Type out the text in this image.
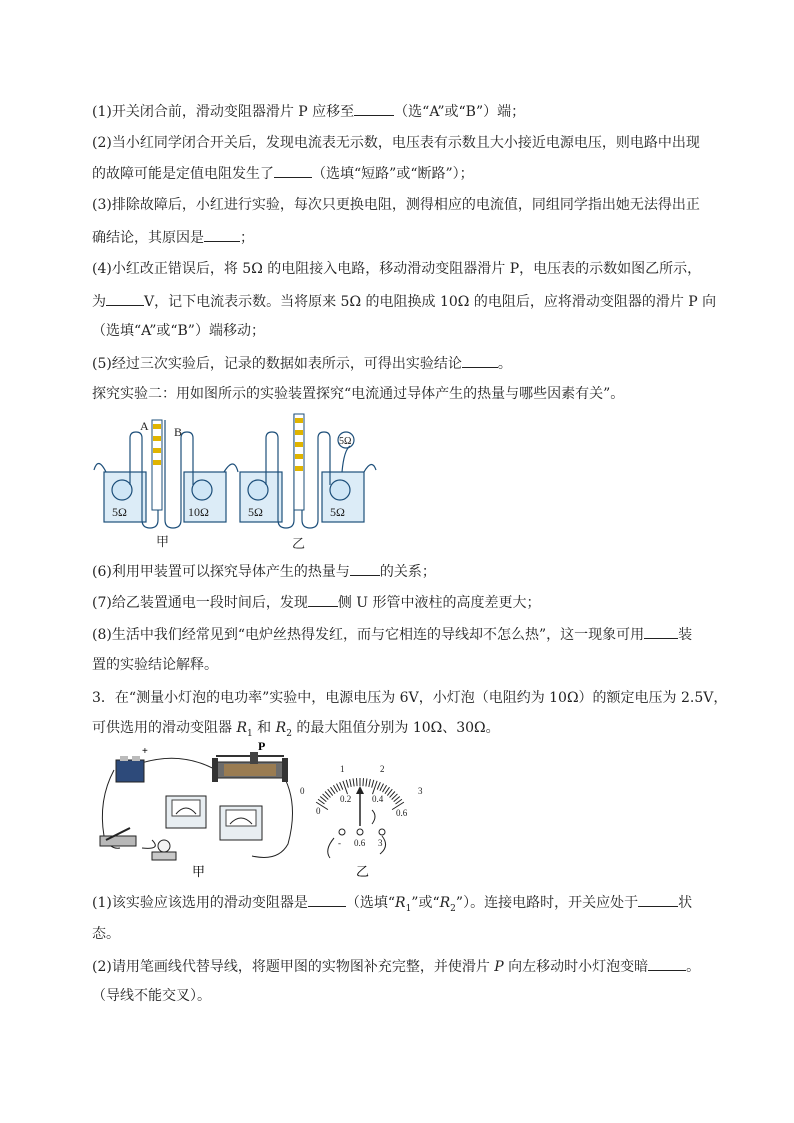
(1)开关闭合前，滑动变阻器滑片 P 应移至	（选“A”或“B”）端；
(2)当小红同学闭合开关后，发现电流表无示数，电压表有示数且大小接近电源电压，则电路中出现
的故障可能是定值电阻发生了	（选填“短路”或“断路”）；
(3)排除故障后，小红进行实验，每次只更换电阻，测得相应的电流值，同组同学指出她无法得出正
确结论，其原因是	；
(4)小红改正错误后，将 5Ω 的电阻接入电路，移动滑动变阻器滑片 P，电压表的示数如图乙所示，
为	V，记下电流表示数。当将原来 5Ω 的电阻换成 10Ω 的电阻后，应将滑动变阻器的滑片 P 向
（选填“A”或“B”）端移动；
(5)经过三次实验后，记录的数据如表所示，可得出实验结论	。
探究实验二：用如图所示的实验装置探究“电流通过导体产生的热量与哪些因素有关”。
A B
5Ω	10Ω	5Ω	5Ω
5Ω
甲	乙
(6)利用甲装置可以探究导体产生的热量与 的关系；
(7)给乙装置通电一段时间后，发现 侧 U 形管中液柱的高度差更大；
(8)生活中我们经常见到“电炉丝热得发红，而与它相连的导线却不怎么热”，这一现象可用 装
置的实验结论解释。
3．在“测量小灯泡的电功率”实验中，电源电压为 6V，小灯泡（电阻约为 10Ω）的额定电压为 2.5V，
可供选用的滑动变阻器 $R_1$ 和 $R_2$ 的最大阻值分别为 10Ω、30Ω。
+	P
甲
0
1	2
3
0
0.2 0.4
0.6
- 0.6 3
乙
(1)该实验应该选用的滑动变阻器是	（选填“$R_1$”或“$R_2$”）。连接电路时，开关应处于	状
态。
(2)请用笔画线代替导线，将题甲图的实物图补充完整，并使滑片 P 向左移动时小灯泡变暗	。
（导线不能交叉）。
